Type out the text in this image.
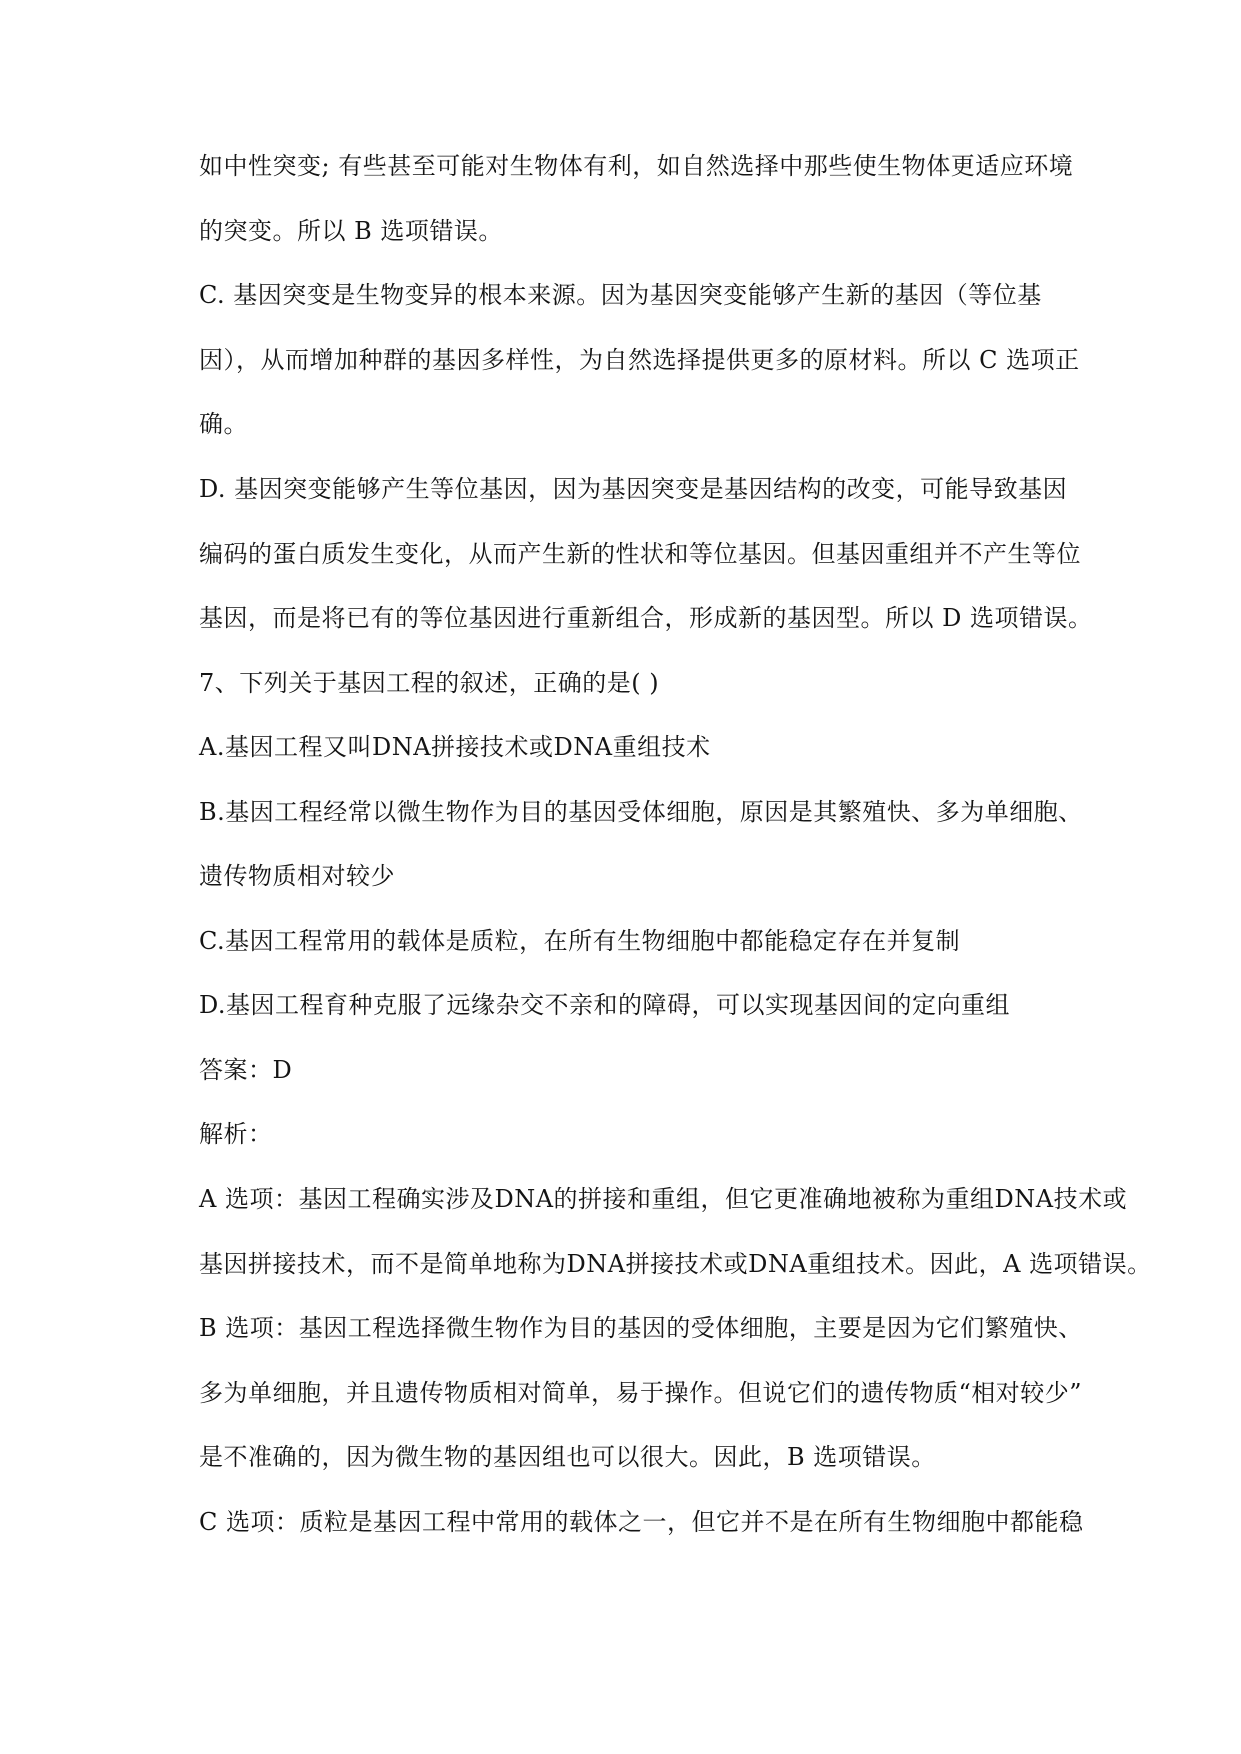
如中性突变; 有些甚至可能对生物体有利，如自然选择中那些使生物体更适应环境
的突变。所以 B 选项错误。
C. 基因突变是生物变异的根本来源。因为基因突变能够产生新的基因（等位基
因），从而增加种群的基因多样性，为自然选择提供更多的原材料。所以 C 选项正
确。
D. 基因突变能够产生等位基因，因为基因突变是基因结构的改变，可能导致基因
编码的蛋白质发生变化，从而产生新的性状和等位基因。但基因重组并不产生等位
基因，而是将已有的等位基因进行重新组合，形成新的基因型。所以 D 选项错误。
7、下列关于基因工程的叙述，正确的是( )
A.基因工程又叫DNA拼接技术或DNA重组技术
B.基因工程经常以微生物作为目的基因受体细胞，原因是其繁殖快、多为单细胞、
遗传物质相对较少
C.基因工程常用的载体是质粒，在所有生物细胞中都能稳定存在并复制
D.基因工程育种克服了远缘杂交不亲和的障碍，可以实现基因间的定向重组
答案：D
解析：
A 选项：基因工程确实涉及DNA的拼接和重组，但它更准确地被称为重组DNA技术或
基因拼接技术，而不是简单地称为DNA拼接技术或DNA重组技术。因此，A 选项错误。
B 选项：基因工程选择微生物作为目的基因的受体细胞，主要是因为它们繁殖快、
多为单细胞，并且遗传物质相对简单，易于操作。但说它们的遗传物质“相对较少”
是不准确的，因为微生物的基因组也可以很大。因此，B 选项错误。
C 选项：质粒是基因工程中常用的载体之一，但它并不是在所有生物细胞中都能稳
